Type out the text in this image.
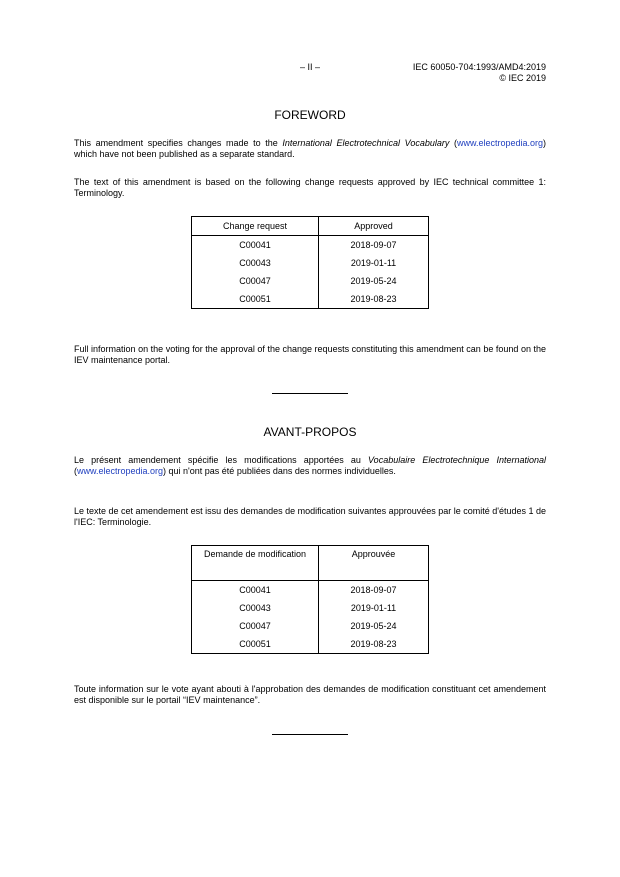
– II –	IEC 60050-704:1993/AMD4:2019
© IEC 2019
FOREWORD
This amendment specifies changes made to the International Electrotechnical Vocabulary (www.electropedia.org) which have not been published as a separate standard.
The text of this amendment is based on the following change requests approved by IEC technical committee 1: Terminology.
Change request	Approved
C00041	2018-09-07
C00043	2019-01-11
C00047	2019-05-24
C00051	2019-08-23
Full information on the voting for the approval of the change requests constituting this amendment can be found on the IEV maintenance portal.
AVANT-PROPOS
Le présent amendement spécifie les modifications apportées au Vocabulaire Electrotechnique International (www.electropedia.org) qui n'ont pas été publiées dans des normes individuelles.
Le texte de cet amendement est issu des demandes de modification suivantes approuvées par le comité d'études 1 de l'IEC: Terminologie.
Demande de modification	Approuvée
C00041	2018-09-07
C00043	2019-01-11
C00047	2019-05-24
C00051	2019-08-23
Toute information sur le vote ayant abouti à l'approbation des demandes de modification constituant cet amendement est disponible sur le portail “IEV maintenance”.
